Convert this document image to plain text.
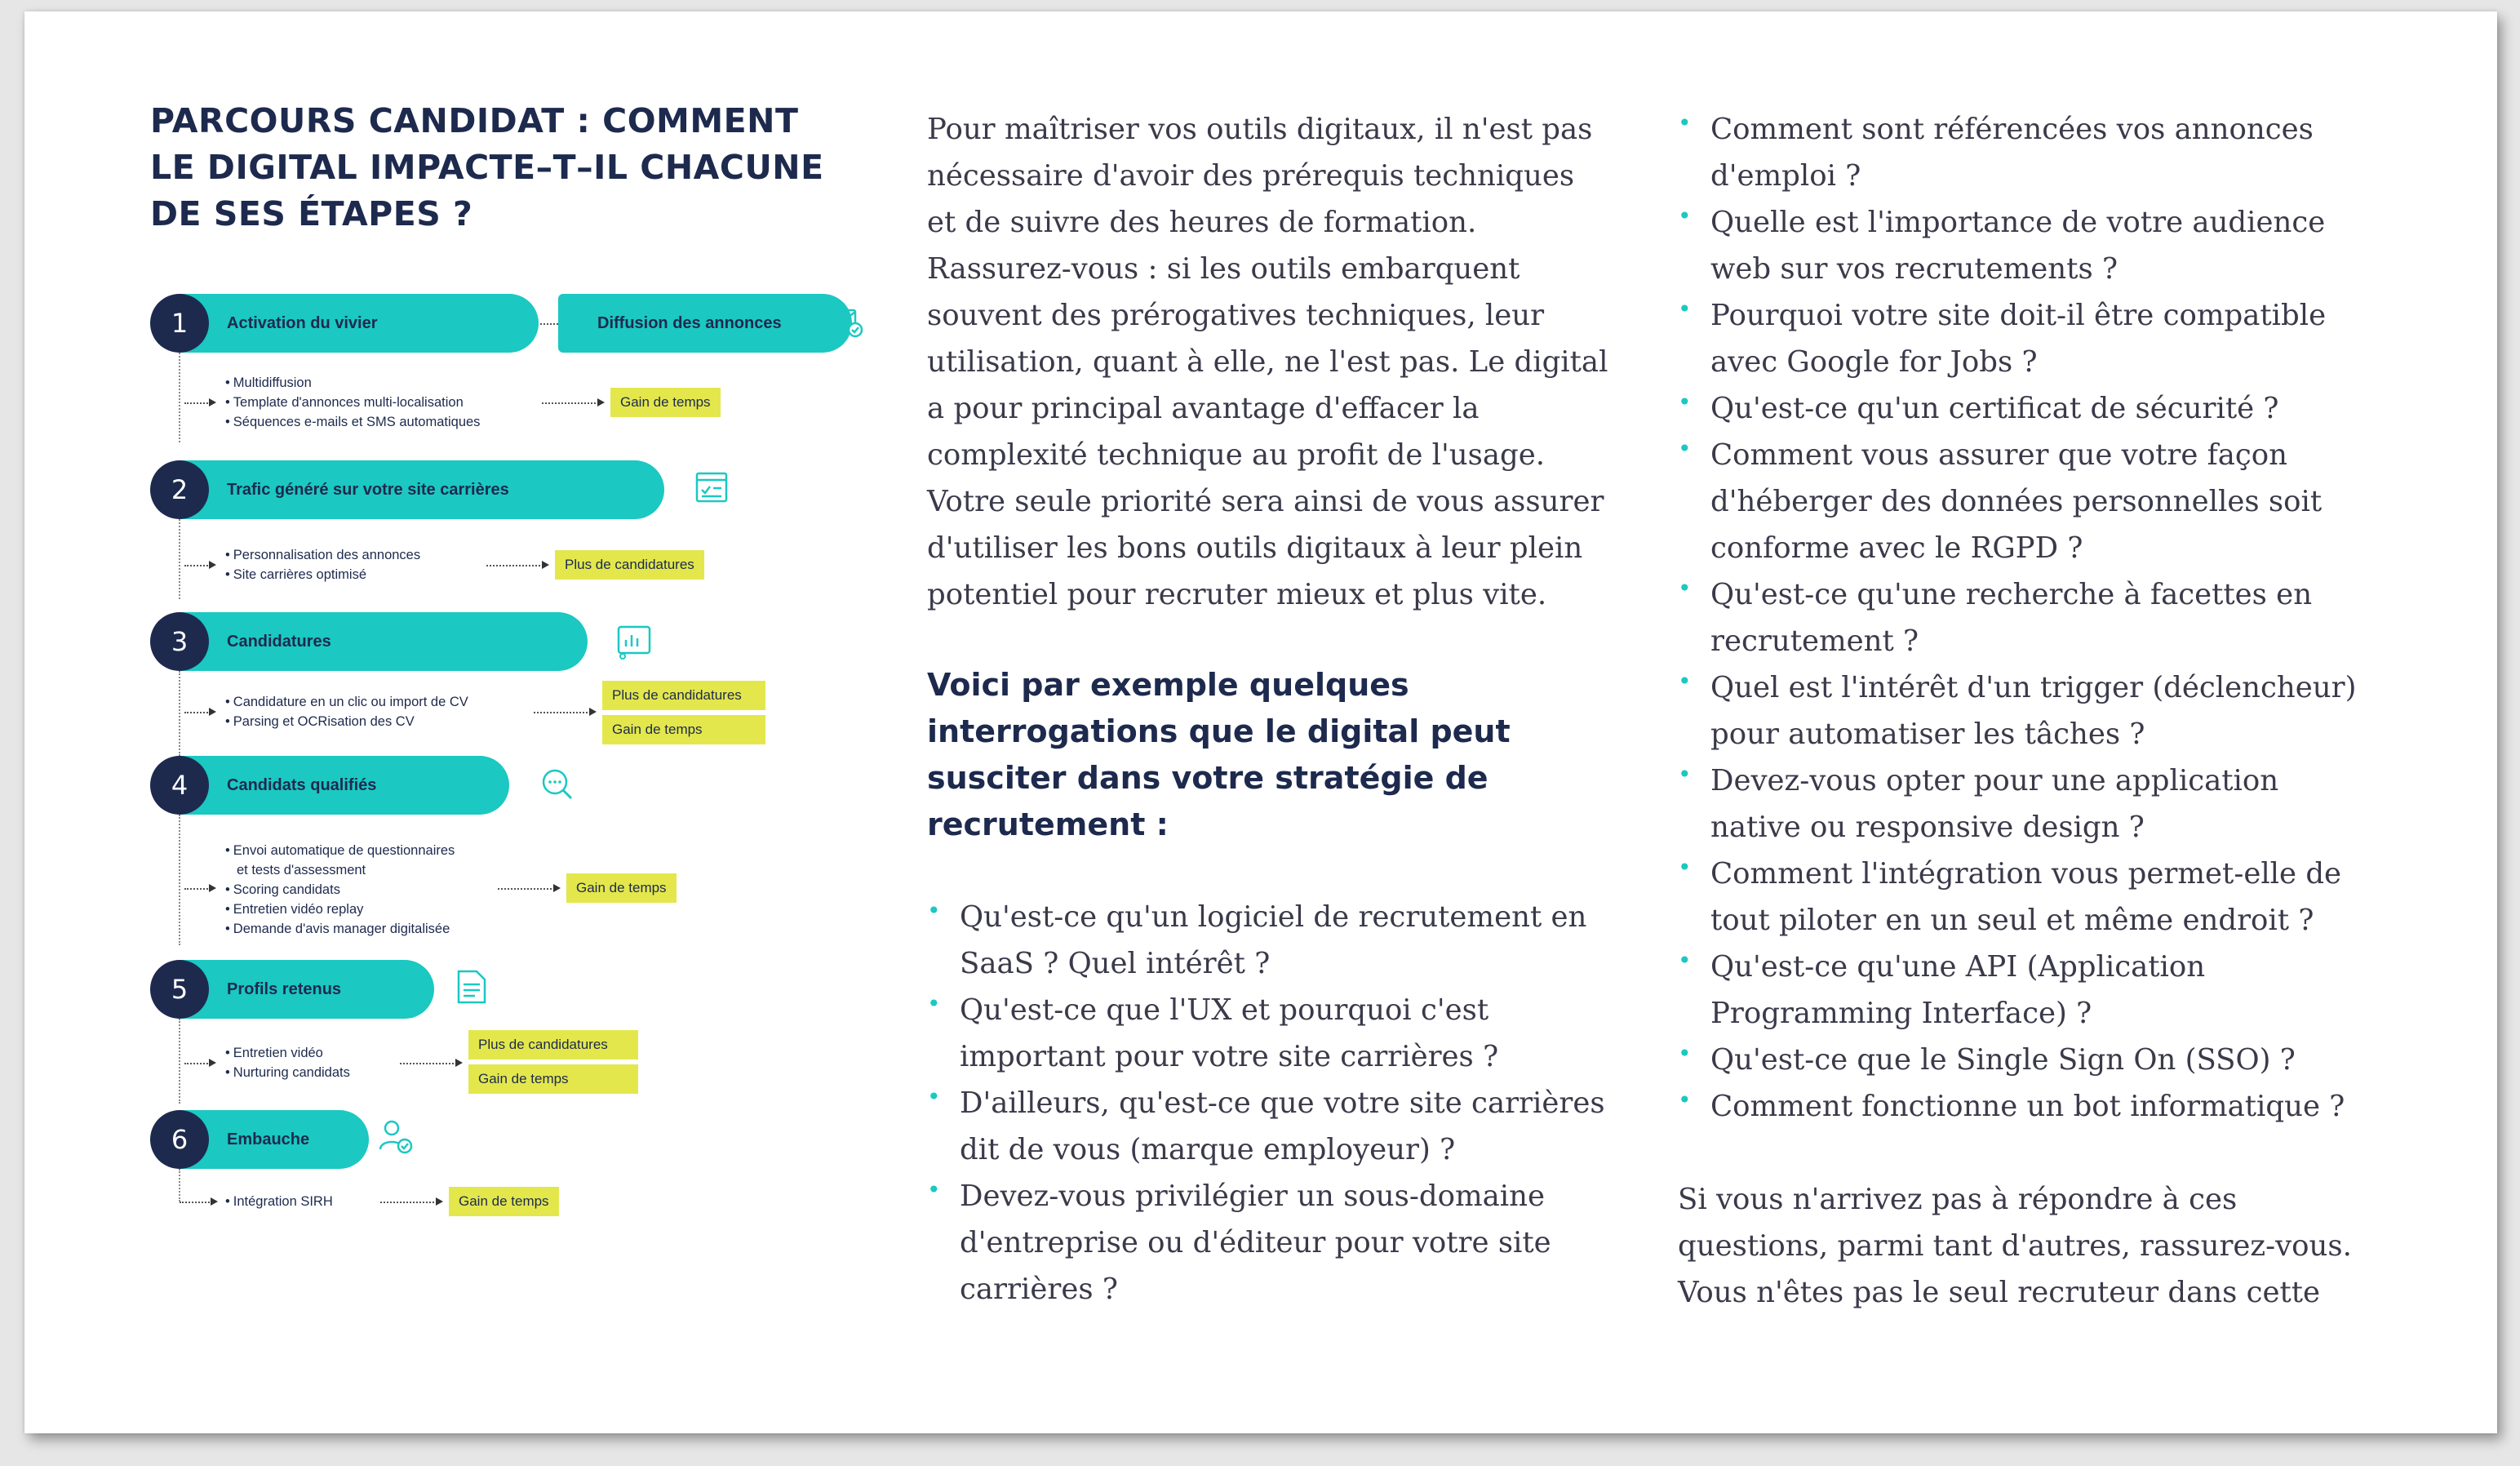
PARCOURS CANDIDAT : COMMENT
LE DIGITAL IMPACTE–T–IL CHACUNE
DE SES ÉTAPES ?
1	Activation du vivier	Diffusion des annonces
• Multidiffusion
• Template d'annonces multi-localisation
• Séquences e-mails et SMS automatiques
Gain de temps
2	Trafic généré sur votre site carrières
• Personnalisation des annonces
• Site carrières optimisé
Plus de candidatures
3	Candidatures
• Candidature en un clic ou import de CV
• Parsing et OCRisation des CV
Plus de candidatures
Gain de temps
4	Candidats qualifiés
• Envoi automatique de questionnaires
et tests d'assessment
• Scoring candidats
• Entretien vidéo replay
• Demande d'avis manager digitalisée
Gain de temps
5	Profils retenus
• Entretien vidéo
• Nurturing candidats
Plus de candidatures
Gain de temps
6	Embauche
• Intégration SIRH	Gain de temps

Pour maîtriser vos outils digitaux, il n'est pas
nécessaire d'avoir des prérequis techniques
et de suivre des heures de formation.
Rassurez-vous : si les outils embarquent
souvent des prérogatives techniques, leur
utilisation, quant à elle, ne l'est pas. Le digital
a pour principal avantage d'effacer la
complexité technique au profit de l'usage.
Votre seule priorité sera ainsi de vous assurer
d'utiliser les bons outils digitaux à leur plein
potentiel pour recruter mieux et plus vite.

Voici par exemple quelques
interrogations que le digital peut
susciter dans votre stratégie de
recrutement :
• Qu'est-ce qu'un logiciel de recrutement en
SaaS ? Quel intérêt ?
• Qu'est-ce que l'UX et pourquoi c'est
important pour votre site carrières ?
• D'ailleurs, qu'est-ce que votre site carrières
dit de vous (marque employeur) ?
• Devez-vous privilégier un sous-domaine
d'entreprise ou d'éditeur pour votre site
carrières ?
• Comment sont référencées vos annonces
d'emploi ?
• Quelle est l'importance de votre audience
web sur vos recrutements ?
• Pourquoi votre site doit-il être compatible
avec Google for Jobs ?
• Qu'est-ce qu'un certificat de sécurité ?
• Comment vous assurer que votre façon
d'héberger des données personnelles soit
conforme avec le RGPD ?
• Qu'est-ce qu'une recherche à facettes en
recrutement ?
• Quel est l'intérêt d'un trigger (déclencheur)
pour automatiser les tâches ?
• Devez-vous opter pour une application
native ou responsive design ?
• Comment l'intégration vous permet-elle de
tout piloter en un seul et même endroit ?
• Qu'est-ce qu'une API (Application
Programming Interface) ?
• Qu'est-ce que le Single Sign On (SSO) ?
• Comment fonctionne un bot informatique ?

Si vous n'arrivez pas à répondre à ces
questions, parmi tant d'autres, rassurez-vous.
Vous n'êtes pas le seul recruteur dans cette
